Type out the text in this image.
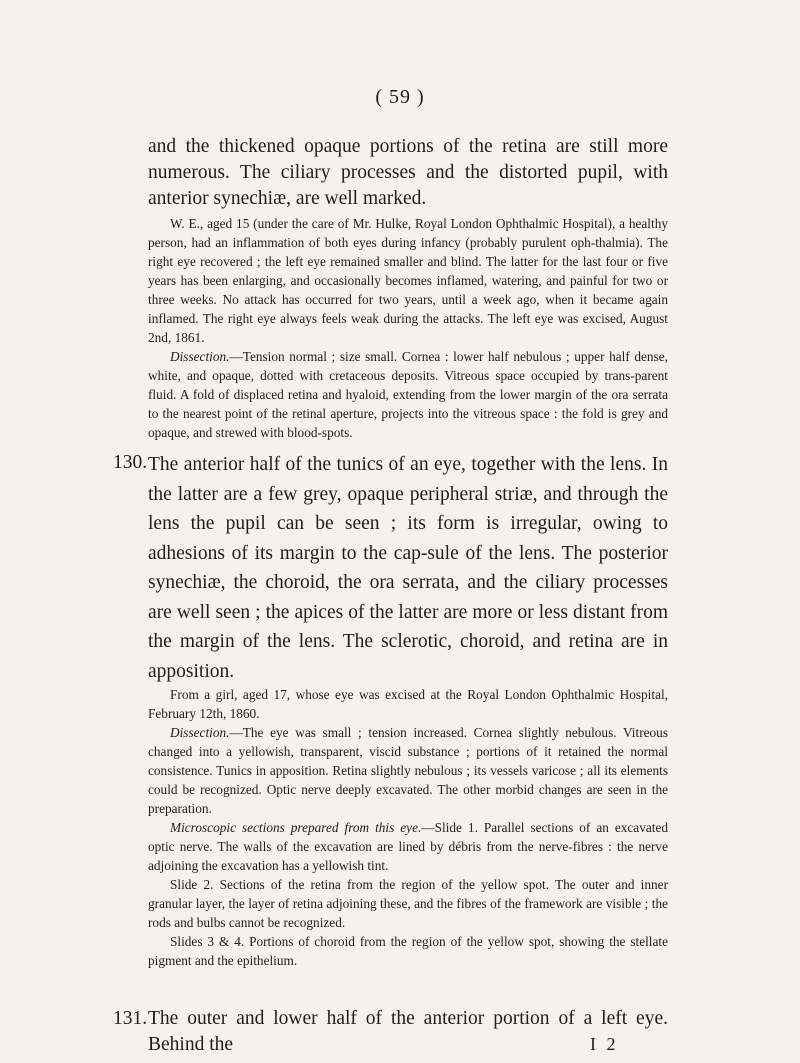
( 59 )

and the thickened opaque portions of the retina are still more numerous. The ciliary processes and the distorted pupil, with anterior synechiæ, are well marked.

W. E., aged 15 (under the care of Mr. Hulke, Royal London Ophthalmic Hospital), a healthy person, had an inflammation of both eyes during infancy (probably purulent oph-thalmia). The right eye recovered ; the left eye remained smaller and blind. The latter for the last four or five years has been enlarging, and occasionally becomes inflamed, watering, and painful for two or three weeks. No attack has occurred for two years, until a week ago, when it became again inflamed. The right eye always feels weak during the attacks. The left eye was excised, August 2nd, 1861.

Dissection.—Tension normal ; size small. Cornea : lower half nebulous ; upper half dense, white, and opaque, dotted with cretaceous deposits. Vitreous space occupied by trans-parent fluid. A fold of displaced retina and hyaloid, extending from the lower margin of the ora serrata to the nearest point of the retinal aperture, projects into the vitreous space : the fold is grey and opaque, and strewed with blood-spots.

130. The anterior half of the tunics of an eye, together with the lens. In the latter are a few grey, opaque peripheral striæ, and through the lens the pupil can be seen ; its form is irregular, owing to adhesions of its margin to the cap-sule of the lens. The posterior synechiæ, the choroid, the ora serrata, and the ciliary processes are well seen ; the apices of the latter are more or less distant from the margin of the lens. The sclerotic, choroid, and retina are in apposition.

From a girl, aged 17, whose eye was excised at the Royal London Ophthalmic Hospital, February 12th, 1860.

Dissection.—The eye was small ; tension increased. Cornea slightly nebulous. Vitreous changed into a yellowish, transparent, viscid substance ; portions of it retained the normal consistence. Tunics in apposition. Retina slightly nebulous ; its vessels varicose ; all its elements could be recognized. Optic nerve deeply excavated. The other morbid changes are seen in the preparation.

Microscopic sections prepared from this eye.—Slide 1. Parallel sections of an excavated optic nerve. The walls of the excavation are lined by débris from the nerve-fibres : the nerve adjoining the excavation has a yellowish tint.

Slide 2. Sections of the retina from the region of the yellow spot. The outer and inner granular layer, the layer of retina adjoining these, and the fibres of the framework are visible ; the rods and bulbs cannot be recognized.

Slides 3 & 4. Portions of choroid from the region of the yellow spot, showing the stellate pigment and the epithelium.

131. The outer and lower half of the anterior portion of a left eye. Behind the	I 2
